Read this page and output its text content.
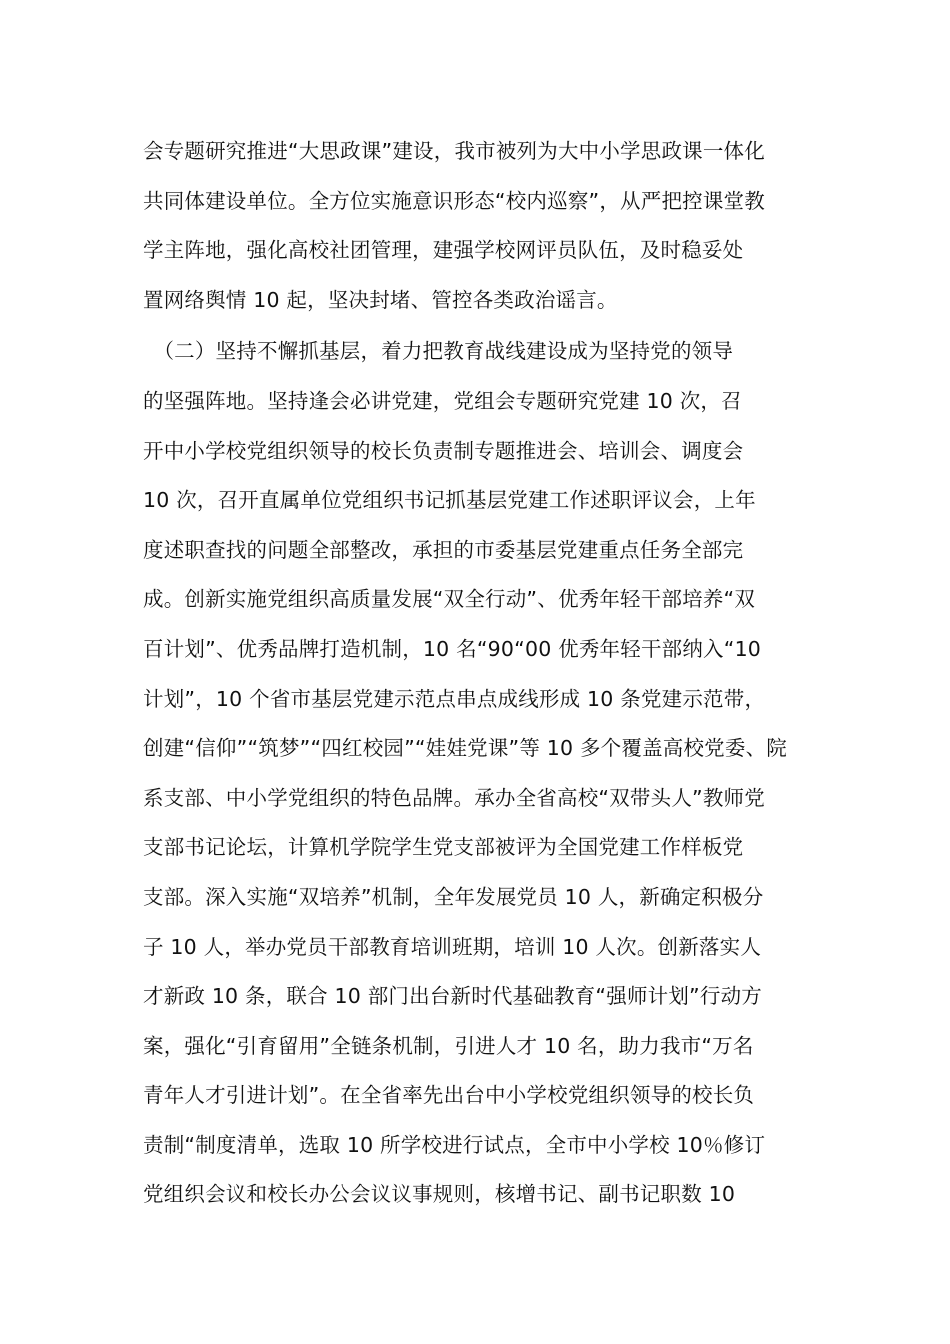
会专题研究推进“大思政课”建设，我市被列为大中小学思政课一体化
共同体建设单位。全方位实施意识形态“校内巡察”，从严把控课堂教
学主阵地，强化高校社团管理，建强学校网评员队伍，及时稳妥处
置网络舆情 10 起，坚决封堵、管控各类政治谣言。
　（二）坚持不懈抓基层，着力把教育战线建设成为坚持党的领导
的坚强阵地。坚持逢会必讲党建，党组会专题研究党建 10 次，召
开中小学校党组织领导的校长负责制专题推进会、培训会、调度会
10 次，召开直属单位党组织书记抓基层党建工作述职评议会，上年
度述职查找的问题全部整改，承担的市委基层党建重点任务全部完
成。创新实施党组织高质量发展“双全行动”、优秀年轻干部培养“双
百计划”、优秀品牌打造机制，10 名“90“00 优秀年轻干部纳入“10
计划”，10 个省市基层党建示范点串点成线形成 10 条党建示范带，
创建“信仰”“筑梦”“四红校园”“娃娃党课”等 10 多个覆盖高校党委、院
系支部、中小学党组织的特色品牌。承办全省高校“双带头人”教师党
支部书记论坛，计算机学院学生党支部被评为全国党建工作样板党
支部。深入实施“双培养”机制，全年发展党员 10 人，新确定积极分
子 10 人，举办党员干部教育培训班期，培训 10 人次。创新落实人
才新政 10 条，联合 10 部门出台新时代基础教育“强师计划”行动方
案，强化“引育留用”全链条机制，引进人才 10 名，助力我市“万名
青年人才引进计划”。在全省率先出台中小学校党组织领导的校长负
责制“制度清单，选取 10 所学校进行试点，全市中小学校 10％修订
党组织会议和校长办公会议议事规则，核增书记、副书记职数 10
